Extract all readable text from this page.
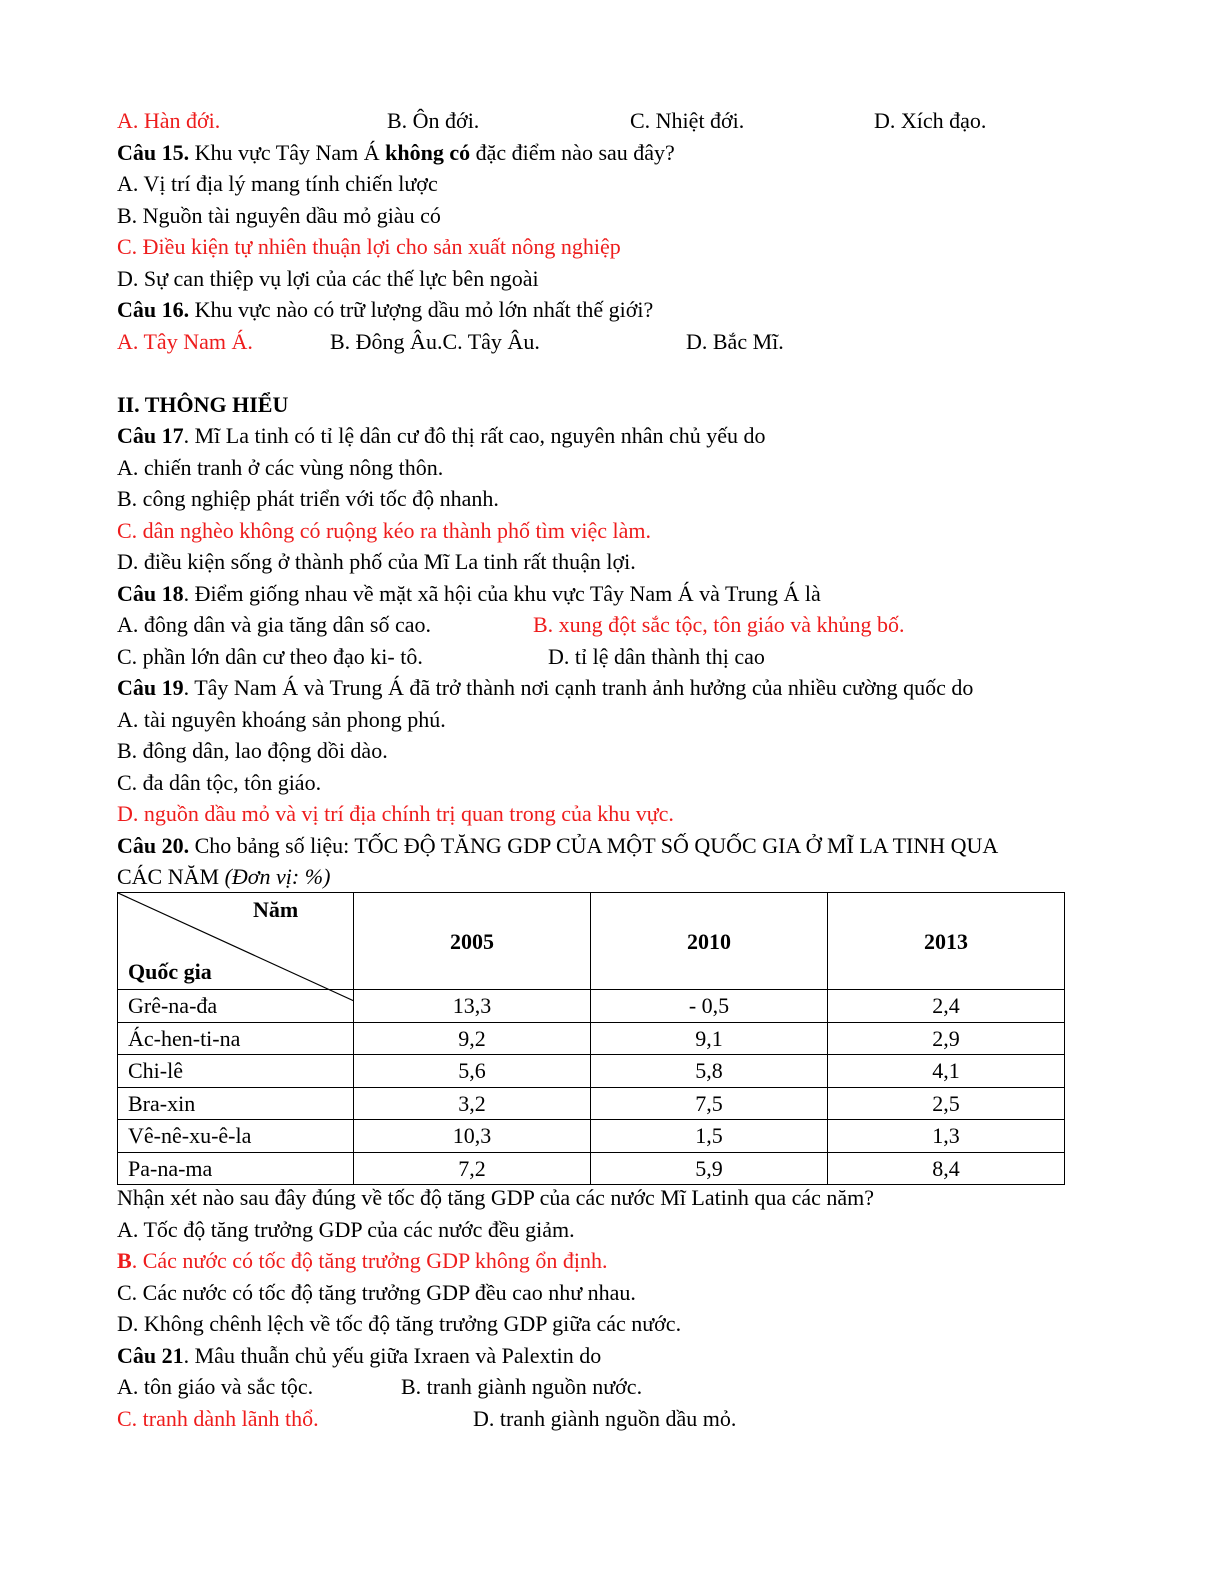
A. Hàn đới.	B. Ôn đới.	C. Nhiệt đới.	D. Xích đạo.
Câu 15. Khu vực Tây Nam Á không có đặc điểm nào sau đây?
A. Vị trí địa lý mang tính chiến lược
B. Nguồn tài nguyên dầu mỏ giàu có
C. Điều kiện tự nhiên thuận lợi cho sản xuất nông nghiệp
D. Sự can thiệp vụ lợi của các thế lực bên ngoài
Câu 16. Khu vực nào có trữ lượng dầu mỏ lớn nhất thế giới?
A. Tây Nam Á.	B. Đông Âu.C. Tây Âu.	D. Bắc Mĩ.
II. THÔNG HIỂU
Câu 17. Mĩ La tinh có tỉ lệ dân cư đô thị rất cao, nguyên nhân chủ yếu do
A. chiến tranh ở các vùng nông thôn.
B. công nghiệp phát triển với tốc độ nhanh.
C. dân nghèo không có ruộng kéo ra thành phố tìm việc làm.
D. điều kiện sống ở thành phố của Mĩ La tinh rất thuận lợi.
Câu 18. Điểm giống nhau về mặt xã hội của khu vực Tây Nam Á và Trung Á là
A. đông dân và gia tăng dân số cao.	B. xung đột sắc tộc, tôn giáo và khủng bố.
C. phần lớn dân cư theo đạo ki- tô.	D. tỉ lệ dân thành thị cao
Câu 19. Tây Nam Á và Trung Á đã trở thành nơi cạnh tranh ảnh hưởng của nhiều cường quốc do
A. tài nguyên khoáng sản phong phú.
B. đông dân, lao động dồi dào.
C. đa dân tộc, tôn giáo.
D. nguồn dầu mỏ và vị trí địa chính trị quan trong của khu vực.
Câu 20. Cho bảng số liệu: TỐC ĐỘ TĂNG GDP CỦA MỘT SỐ QUỐC GIA Ở MĨ LA TINH QUA
CÁC NĂM (Đơn vị: %)
Năm
Quốc gia	2005	2010	2013
Grê-na-đa	13,3	- 0,5	2,4
Ác-hen-ti-na	9,2	9,1	2,9
Chi-lê	5,6	5,8	4,1
Bra-xin	3,2	7,5	2,5
Vê-nê-xu-ê-la	10,3	1,5	1,3
Pa-na-ma	7,2	5,9	8,4
Nhận xét nào sau đây đúng về tốc độ tăng GDP của các nước Mĩ Latinh qua các năm?
A. Tốc độ tăng trưởng GDP của các nước đều giảm.
B. Các nước có tốc độ tăng trưởng GDP không ổn định.
C. Các nước có tốc độ tăng trưởng GDP đều cao như nhau.
D. Không chênh lệch về tốc độ tăng trưởng GDP giữa các nước.
Câu 21. Mâu thuẫn chủ yếu giữa Ixraen và Palextin do
A. tôn giáo và sắc tộc.	B. tranh giành nguồn nước.
C. tranh dành lãnh thổ.	D. tranh giành nguồn dầu mỏ.
